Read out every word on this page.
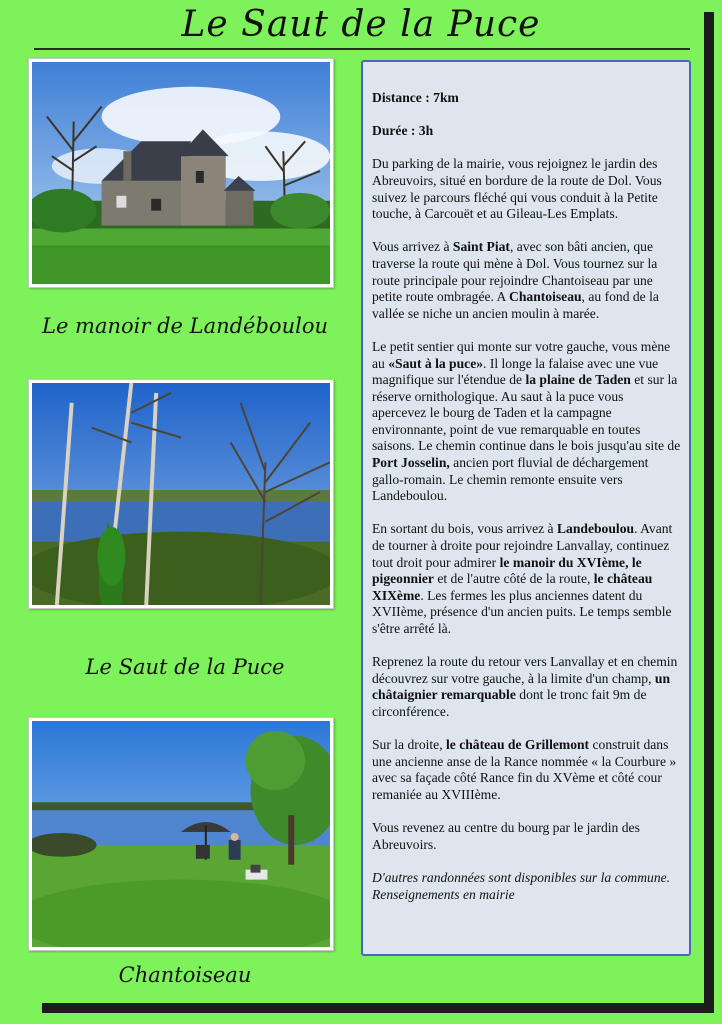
Le Saut de la Puce
Le manoir de Landéboulou
Le Saut de la Puce
Chantoiseau

Distance : 7km

Durée : 3h

Du parking de la mairie, vous rejoignez le jardin des Abreuvoirs, situé en bordure de la route de Dol. Vous suivez le parcours fléché qui vous conduit à la Petite touche, à Carcouët et au Gileau-Les Emplats.

Vous arrivez à Saint Piat, avec son bâti ancien, que traverse la route qui mène à Dol. Vous tournez sur la route principale pour rejoindre Chantoiseau par une petite route ombragée. A Chantoiseau, au fond de la vallée se niche un ancien moulin à marée.

Le petit sentier qui monte sur votre gauche, vous mène au «Saut à la puce». Il longe la falaise avec une vue magnifique sur l'étendue de la plaine de Taden et sur la réserve ornithologique. Au saut à la puce vous apercevez le bourg de Taden et la campagne environnante, point de vue remarquable en toutes saisons. Le chemin continue dans le bois jusqu'au site de Port Josselin, ancien port fluvial de déchargement gallo-romain. Le chemin remonte ensuite vers Landeboulou.

En sortant du bois, vous arrivez à Landeboulou. Avant de tourner à droite pour rejoindre Lanvallay, continuez tout droit pour admirer le manoir du XVIème, le pigeonnier et de l'autre côté de la route, le château XIXème. Les fermes les plus anciennes datent du XVIIème, présence d'un ancien puits. Le temps semble s'être arrêté là.

Reprenez la route du retour vers Lanvallay et en chemin découvrez sur votre gauche, à la limite d'un champ, un châtaignier remarquable dont le tronc fait 9m de circonférence.

Sur la droite, le château de Grillemont construit dans une ancienne anse de la Rance nommée « la Courbure » avec sa façade côté Rance fin du XVème et côté cour remaniée au XVIIIème.

Vous revenez au centre du bourg par le jardin des Abreuvoirs.

D'autres randonnées sont disponibles sur la commune. Renseignements en mairie
